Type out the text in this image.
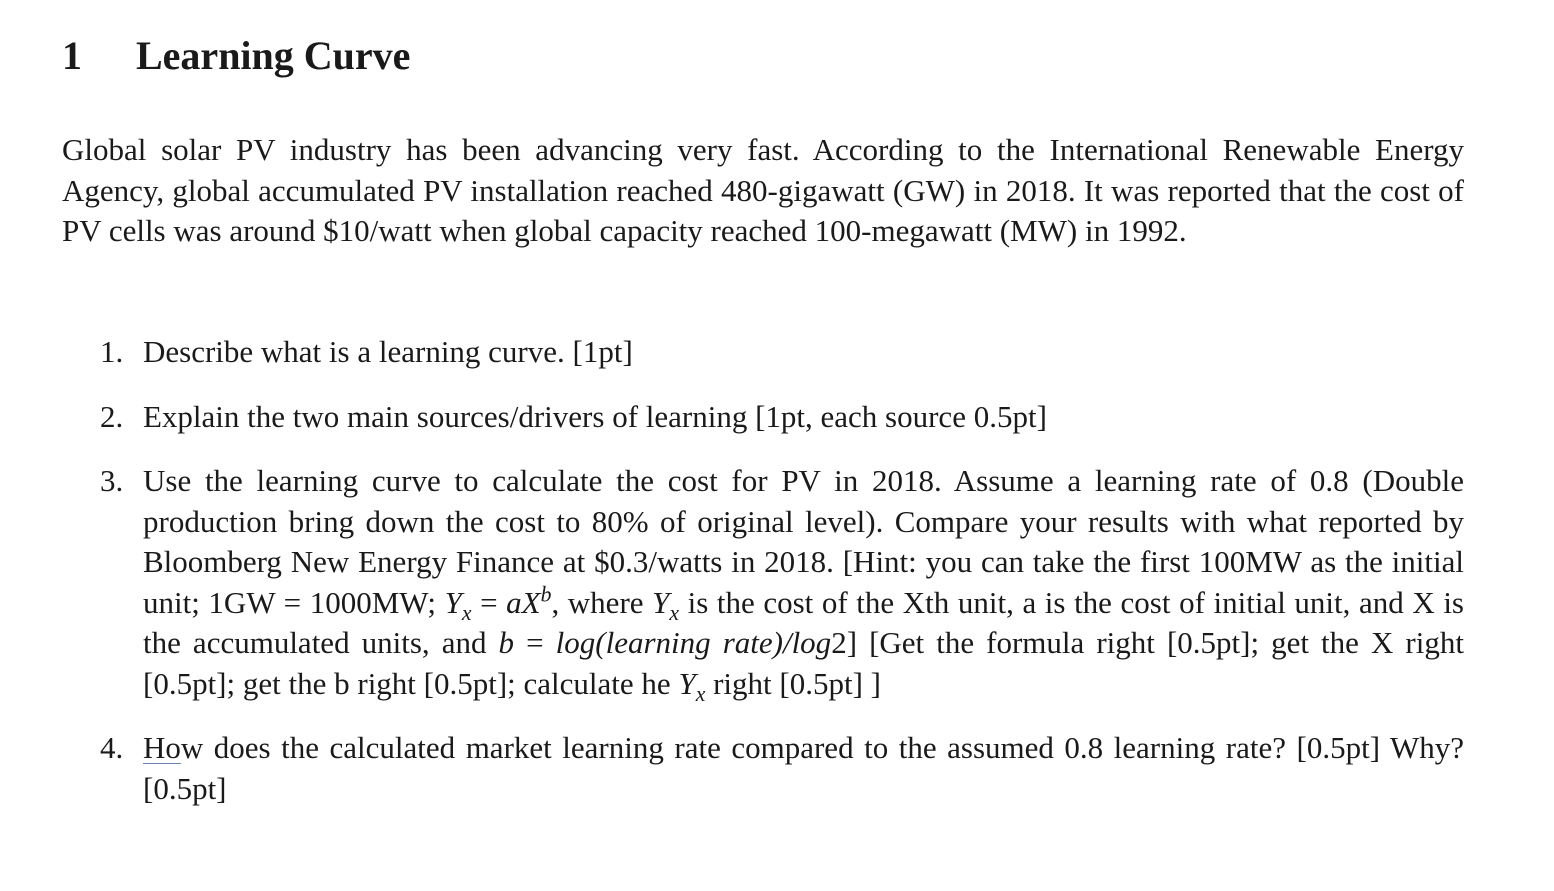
1 Learning Curve

Global solar PV industry has been advancing very fast. According to the International Renewable Energy Agency, global accumulated PV installation reached 480-gigawatt (GW) in 2018. It was reported that the cost of PV cells was around $10/watt when global capacity reached 100-megawatt (MW) in 1992.

1. Describe what is a learning curve. [1pt]
2. Explain the two main sources/drivers of learning [1pt, each source 0.5pt]
3. Use the learning curve to calculate the cost for PV in 2018. Assume a learning rate of 0.8 (Double production bring down the cost to 80% of original level). Compare your results with what reported by Bloomberg New Energy Finance at $0.3/watts in 2018. [Hint: you can take the first 100MW as the initial unit; 1GW = 1000MW; $Y_x = aX^b$, where $Y_x$ is the cost of the Xth unit, a is the cost of initial unit, and X is the accumulated units, and b = log(learning rate)/log2] [Get the formula right [0.5pt]; get the X right [0.5pt]; get the b right [0.5pt]; calculate he $Y_x$ right [0.5pt] ]
4. How does the calculated market learning rate compared to the assumed 0.8 learning rate? [0.5pt] Why?[0.5pt]
